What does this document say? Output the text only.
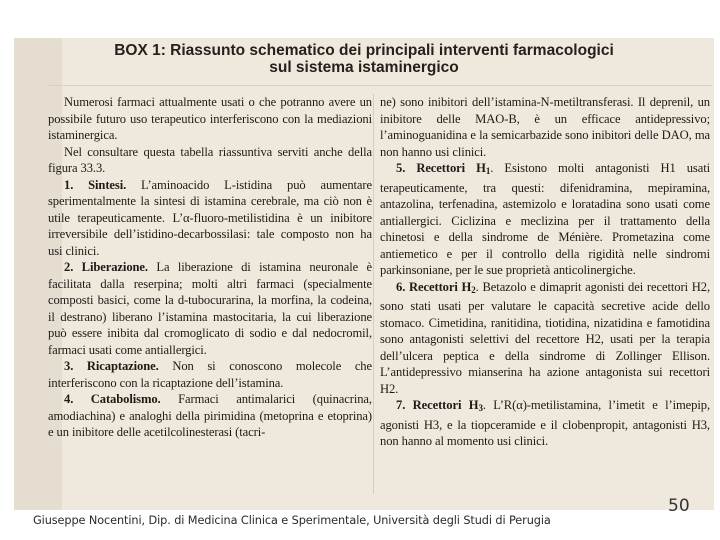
BOX 1: Riassunto schematico dei principali interventi farmacologici
sul sistema istaminergico

Numerosi farmaci attualmente usati o che potranno avere un possibile futuro uso terapeutico interferiscono con la mediazioni istaminergica.

Nel consultare questa tabella riassuntiva serviti anche della figura 33.3.

1. Sintesi. L’aminoacido L-istidina può aumentare sperimentalmente la sintesi di istamina cerebrale, ma ciò non è utile terapeuticamente. L’α-fluoro-metilistidina è un inibitore irreversibile dell’istidino-decarbossilasi: tale composto non ha usi clinici.

2. Liberazione. La liberazione di istamina neuronale è facilitata dalla reserpina; molti altri farmaci (specialmente composti basici, come la d-tubocurarina, la morfina, la codeina, il destrano) liberano l’istamina mastocitaria, la cui liberazione può essere inibita dal cromoglicato di sodio e dal nedocromil, farmaci usati come antiallergici.

3. Ricaptazione. Non si conoscono molecole che interferiscono con la ricaptazione dell’istamina.

4. Catabolismo. Farmaci antimalarici (quinacrina, amodiachina) e analoghi della pirimidina (metoprina e etoprina) e un inibitore delle acetilcolinesterasi (tacri-

ne) sono inibitori dell’istamina-N-metiltransferasi. Il deprenil, un inibitore delle MAO-B, è un efficace antidepressivo; l’aminoguanidina e la semicarbazide sono inibitori delle DAO, ma non hanno usi clinici.

5. Recettori $H_1$. Esistono molti antagonisti H1 usati terapeuticamente, tra questi: difenidramina, mepiramina, antazolina, terfenadina, astemizolo e loratadina sono usati come antiallergici. Ciclizina e meclizina per il trattamento della chinetosi e della sindrome de Ménière. Prometazina come antiemetico e per il controllo della rigidità nelle sindromi parkinsoniane, per le sue proprietà anticolinergiche.

6. Recettori $H_2$. Betazolo e dimaprit agonisti dei recettori H2, sono stati usati per valutare le capacità secretive acide dello stomaco. Cimetidina, ranitidina, tiotidina, nizatidina e famotidina sono antagonisti selettivi del recettore H2, usati per la terapia dell’ulcera peptica e della sindrome di Zollinger Ellison. L’antidepressivo mianserina ha azione antagonista sui recettori H2.

7. Recettori $H_3$. L’R(α)-metilistamina, l’imetit e l’imepip, agonisti H3, e la tiopceramide e il clobenpropit, antagonisti H3, non hanno al momento usi clinici.

Giuseppe Nocentini, Dip. di Medicina Clinica e Sperimentale, Università degli Studi di Perugia
50
